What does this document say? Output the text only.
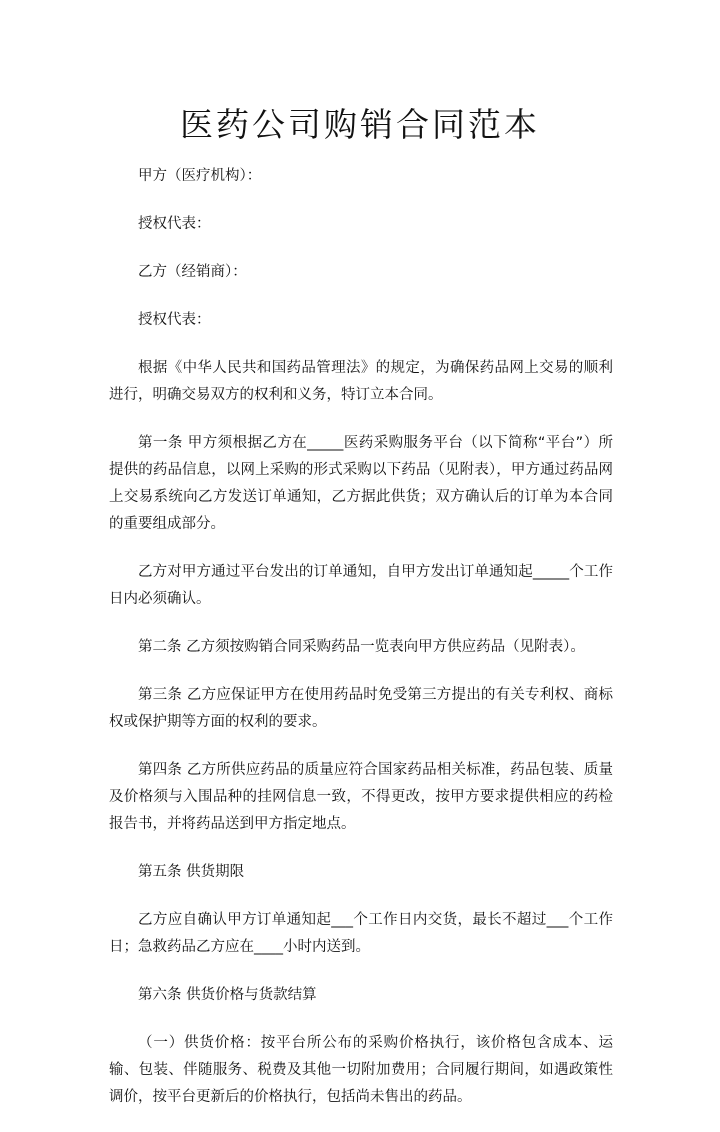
医药公司购销合同范本

甲方（医疗机构）：

授权代表：

乙方（经销商）：

授权代表：

根据《中华人民共和国药品管理法》的规定，为确保药品网上交易的顺利进行，明确交易双方的权利和义务，特订立本合同。

第一条 甲方须根据乙方在_____医药采购服务平台（以下简称“平台”）所提供的药品信息，以网上采购的形式采购以下药品（见附表），甲方通过药品网上交易系统向乙方发送订单通知，乙方据此供货；双方确认后的订单为本合同的重要组成部分。

乙方对甲方通过平台发出的订单通知，自甲方发出订单通知起_____个工作日内必须确认。

第二条 乙方须按购销合同采购药品一览表向甲方供应药品（见附表）。

第三条 乙方应保证甲方在使用药品时免受第三方提出的有关专利权、商标权或保护期等方面的权利的要求。

第四条 乙方所供应药品的质量应符合国家药品相关标准，药品包装、质量及价格须与入围品种的挂网信息一致，不得更改，按甲方要求提供相应的药检报告书，并将药品送到甲方指定地点。

第五条 供货期限

乙方应自确认甲方订单通知起___个工作日内交货，最长不超过___个工作日；急救药品乙方应在____小时内送到。

第六条 供货价格与货款结算

（一）供货价格：按平台所公布的采购价格执行，该价格包含成本、运输、包装、伴随服务、税费及其他一切附加费用；合同履行期间，如遇政策性调价，按平台更新后的价格执行，包括尚未售出的药品。
